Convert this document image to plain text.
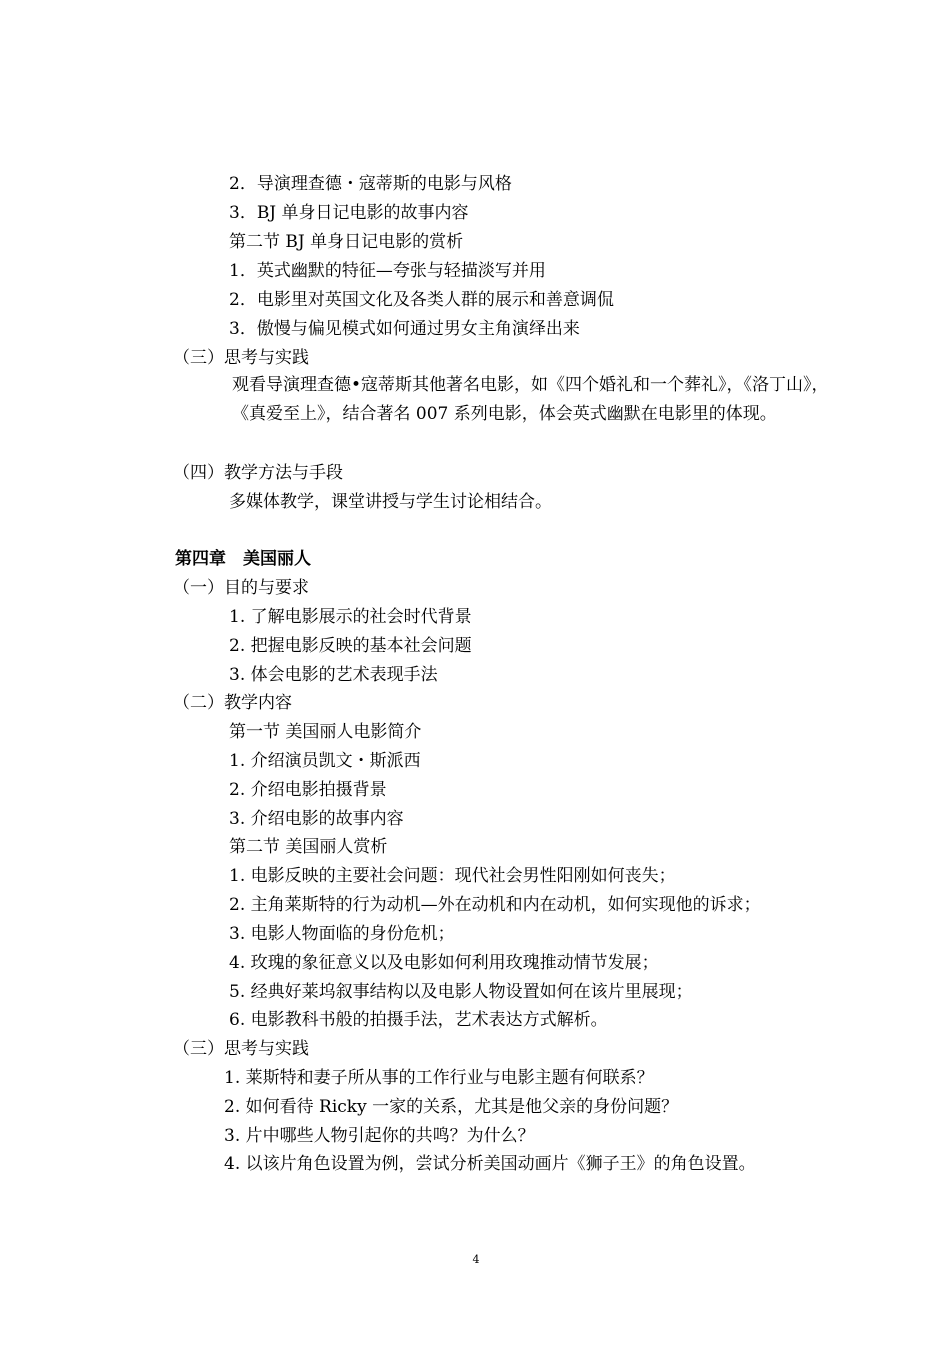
2．导演理查德・寇蒂斯的电影与风格
3．BJ 单身日记电影的故事内容
第二节 BJ 单身日记电影的赏析
1．英式幽默的特征—夸张与轻描淡写并用
2．电影里对英国文化及各类人群的展示和善意调侃
3．傲慢与偏见模式如何通过男女主角演绎出来
（三）思考与实践
观看导演理查德•寇蒂斯其他著名电影，如《四个婚礼和一个葬礼》，《洛丁山》，《真爱至上》，结合著名 007 系列电影，体会英式幽默在电影里的体现。
（四）教学方法与手段
多媒体教学，课堂讲授与学生讨论相结合。
第四章　美国丽人
（一）目的与要求
1. 了解电影展示的社会时代背景
2. 把握电影反映的基本社会问题
3. 体会电影的艺术表现手法
（二）教学内容
第一节 美国丽人电影简介
1. 介绍演员凯文・斯派西
2. 介绍电影拍摄背景
3. 介绍电影的故事内容
第二节 美国丽人赏析
1. 电影反映的主要社会问题：现代社会男性阳刚如何丧失；
2. 主角莱斯特的行为动机—外在动机和内在动机，如何实现他的诉求；
3. 电影人物面临的身份危机；
4. 玫瑰的象征意义以及电影如何利用玫瑰推动情节发展；
5. 经典好莱坞叙事结构以及电影人物设置如何在该片里展现；
6. 电影教科书般的拍摄手法，艺术表达方式解析。
（三）思考与实践
1. 莱斯特和妻子所从事的工作行业与电影主题有何联系？
2. 如何看待 Ricky 一家的关系，尤其是他父亲的身份问题？
3. 片中哪些人物引起你的共鸣？为什么？
4. 以该片角色设置为例，尝试分析美国动画片《狮子王》的角色设置。
4
